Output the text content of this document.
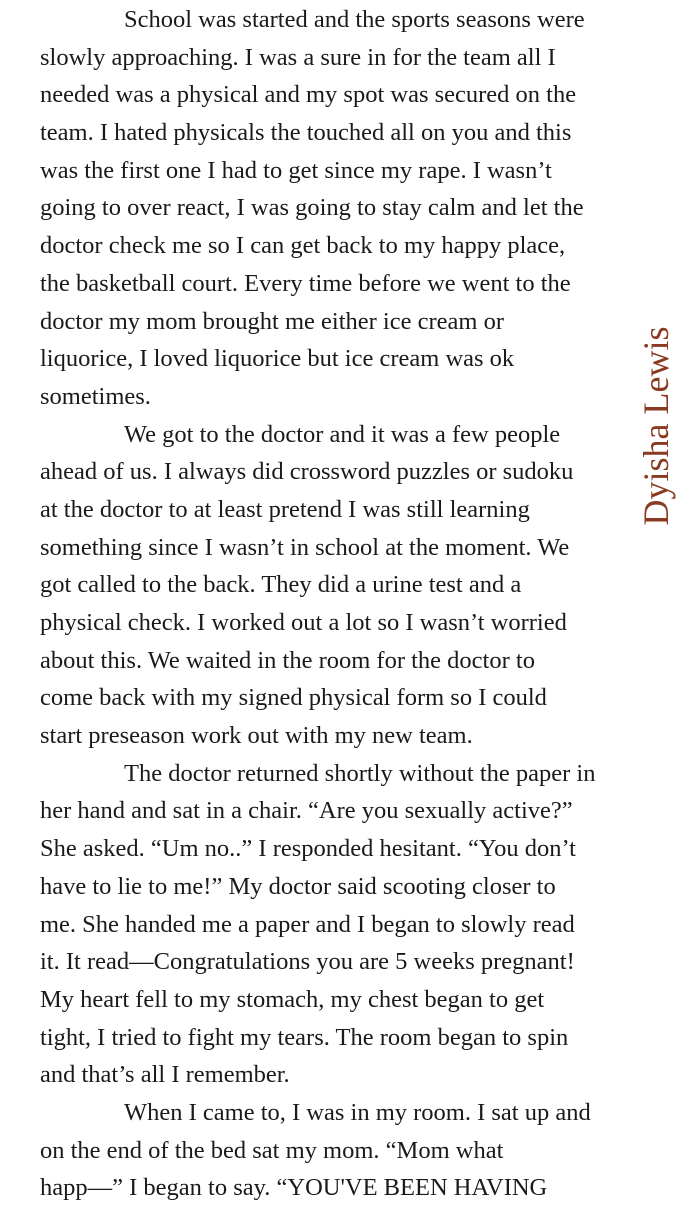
School was started and the sports seasons were
slowly approaching. I was a sure in for the team all I
needed was a physical and my spot was secured on the
team. I hated physicals the touched all on you and this
was the first one I had to get since my rape. I wasn’t
going to over react, I was going to stay calm and let the
doctor check me so I can get back to my happy place,
the basketball court. Every time before we went to the
doctor my mom brought me either ice cream or
liquorice, I loved liquorice but ice cream was ok
sometimes.
We got to the doctor and it was a few people
ahead of us. I always did crossword puzzles or sudoku
at the doctor to at least pretend I was still learning
something since I wasn’t in school at the moment. We
got called to the back. They did a urine test and a
physical check. I worked out a lot so I wasn’t worried
about this. We waited in the room for the doctor to
come back with my signed physical form so I could
start preseason work out with my new team.
The doctor returned shortly without the paper in
her hand and sat in a chair. “Are you sexually active?”
She asked. “Um no..” I responded hesitant. “You don’t
have to lie to me!” My doctor said scooting closer to
me. She handed me a paper and I began to slowly read
it. It read—Congratulations you are 5 weeks pregnant!
My heart fell to my stomach, my chest began to get
tight, I tried to fight my tears. The room began to spin
and that’s all I remember.
When I came to, I was in my room. I sat up and
on the end of the bed sat my mom. “Mom what
happ—” I began to say. “YOU'VE BEEN HAVING
Dyisha Lewis
